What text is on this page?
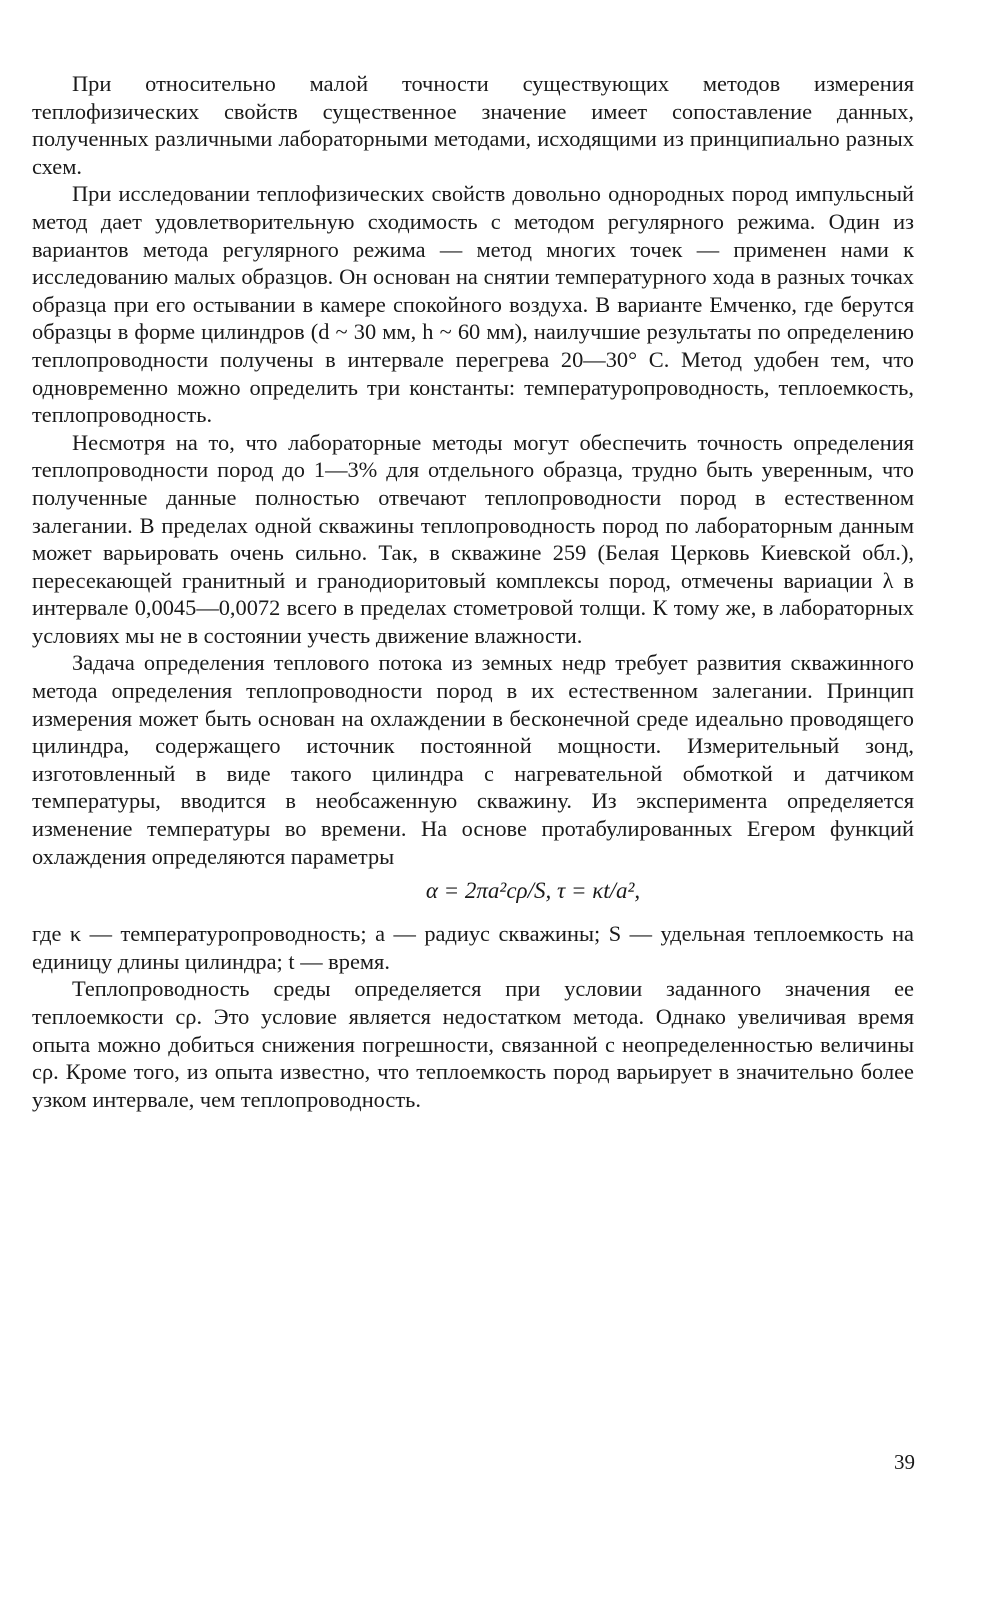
При относительно малой точности существующих методов измерения теплофизических свойств существенное значение имеет сопоставление данных, полученных различными лабораторными методами, исходящими из принципиально разных схем.

При исследовании теплофизических свойств довольно однородных пород импульсный метод дает удовлетворительную сходимость с методом регулярного режима. Один из вариантов метода регулярного режима — метод многих точек — применен нами к исследованию малых образцов. Он основан на снятии температурного хода в разных точках образца при его остывании в камере спокойного воздуха. В варианте Емченко, где берутся образцы в форме цилиндров (d ~ 30 мм, h ~ 60 мм), наилучшие результаты по определению теплопроводности получены в интервале перегрева 20—30° С. Метод удобен тем, что одновременно можно определить три константы: температуропроводность, теплоемкость, теплопроводность.

Несмотря на то, что лабораторные методы могут обеспечить точность определения теплопроводности пород до 1—3% для отдельного образца, трудно быть уверенным, что полученные данные полностью отвечают теплопроводности пород в естественном залегании. В пределах одной скважины теплопроводность пород по лабораторным данным может варьировать очень сильно. Так, в скважине 259 (Белая Церковь Киевской обл.), пересекающей гранитный и гранодиоритовый комплексы пород, отмечены вариации λ в интервале 0,0045—0,0072 всего в пределах стометровой толщи. К тому же, в лабораторных условиях мы не в состоянии учесть движение влажности.

Задача определения теплового потока из земных недр требует развития скважинного метода определения теплопроводности пород в их естественном залегании. Принцип измерения может быть основан на охлаждении в бесконечной среде идеально проводящего цилиндра, содержащего источник постоянной мощности. Измерительный зонд, изготовленный в виде такого цилиндра с нагревательной обмоткой и датчиком температуры, вводится в необсаженную скважину. Из эксперимента определяется изменение температуры во времени. На основе протабулированных Егером функций охлаждения определяются параметры

α = 2πa²cρ/S, τ = κt/a²,

где κ — температуропроводность; a — радиус скважины; S — удельная теплоемкость на единицу длины цилиндра; t — время.

Теплопроводность среды определяется при условии заданного значения ее теплоемкости cρ. Это условие является недостатком метода. Однако увеличивая время опыта можно добиться снижения погрешности, связанной с неопределенностью величины cρ. Кроме того, из опыта известно, что теплоемкость пород варьирует в значительно более узком интервале, чем теплопроводность.

39
